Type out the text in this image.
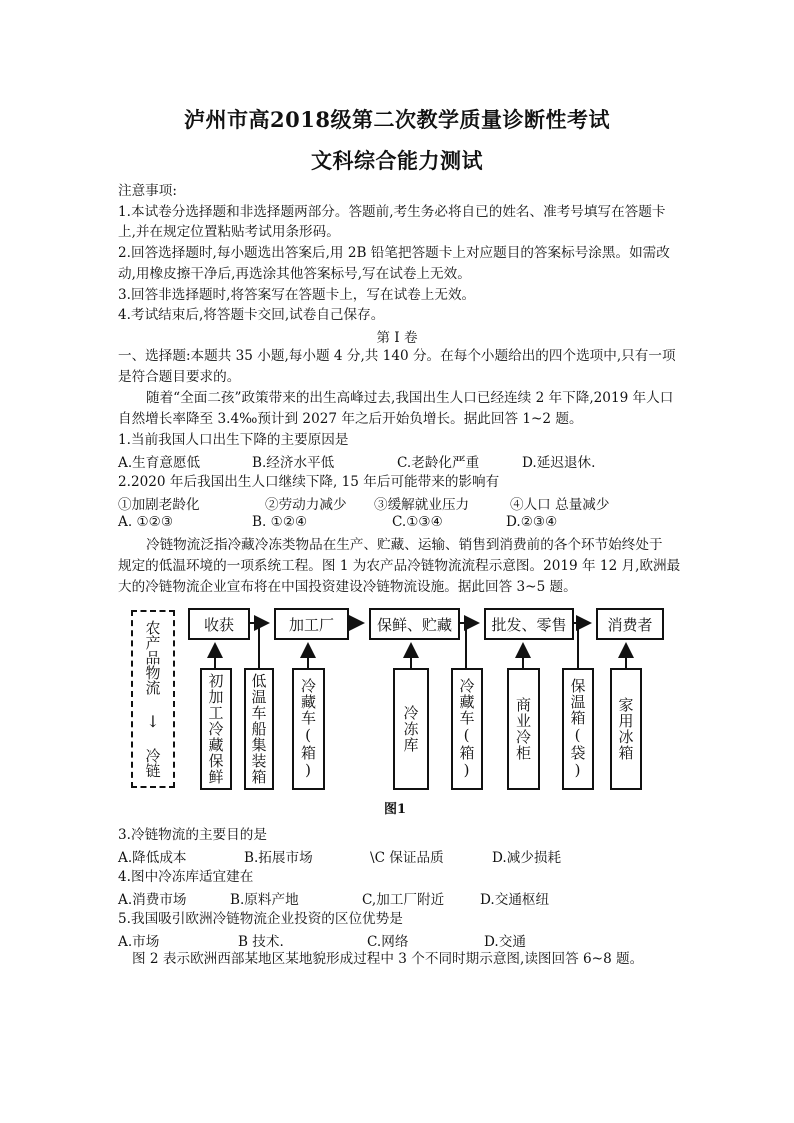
泸州市高2018级第二次教学质量诊断性考试
文科综合能力测试
注意事项:
1.本试卷分选择题和非选择题两部分。答题前,考生务必将自已的姓名、准考号填写在答题卡
上,并在规定位置粘贴考试用条形码。
2.回答选择题时,每小题选出答案后,用 2B 铅笔把答题卡上对应题目的答案标号涂黑。如需改
动,用橡皮擦干净后,再选涂其他答案标号,写在试卷上无效。
3.回答非选择题时,将答案写在答题卡上，写在试卷上无效。
4.考试结束后,将答题卡交回,试卷自己保存。
第 I 卷
一、选择题:本题共 35 小题,每小题 4 分,共 140 分。在每个小题给出的四个选项中,只有一项
是符合题目要求的。
随着“全面二孩”政策带来的出生高峰过去,我国出生人口已经连续 2 年下降,2019 年人口
自然增长率降至 3.4‰预计到 2027 年之后开始负增长。据此回答 1~2 题。
1.当前我国人口出生下降的主要原因是
A.生育意愿低	B.经济水平低	C.老龄化严重	D.延迟退休.
2.2020 年后我国出生人口继续下降, 15 年后可能带来的影响有
①加剧老龄化	②劳动力减少 ③缓解就业压力	④人口 总量减少
A. ①②③	B. ①②④	C.①③④	D.②③④
冷链物流泛指冷藏冷冻类物品在生产、贮藏、运输、销售到消费前的各个环节始终处于
规定的低温环境的一项系统工程。图 1 为农产品冷链物流流程示意图。2019 年 12 月,欧洲最
大的冷链物流企业宣布将在中国投资建设冷链物流设施。据此回答 3~5 题。
农产品物流
↓
冷链
收获	加工厂	保鲜、贮藏	批发、零售	消费者
初加工冷藏保鲜	低温车船集装箱	冷藏车(箱)	冷冻库	冷藏车(箱)	商业冷柜	保温箱(袋)	家用冰箱
图1
3.冷链物流的主要目的是
A.降低成本	B.拓展市场	\C 保证品质	D.减少损耗
4.图中冷冻库适宜建在
A.消费市场	B.原料产地	C,加工厂附近	D.交通枢纽
5.我国吸引欧洲冷链物流企业投资的区位优势是
A.市场	B 技术.	C.网络	D.交通
图 2 表示欧洲西部某地区某地貌形成过程中 3 个不同时期示意图,读图回答 6~8 题。
